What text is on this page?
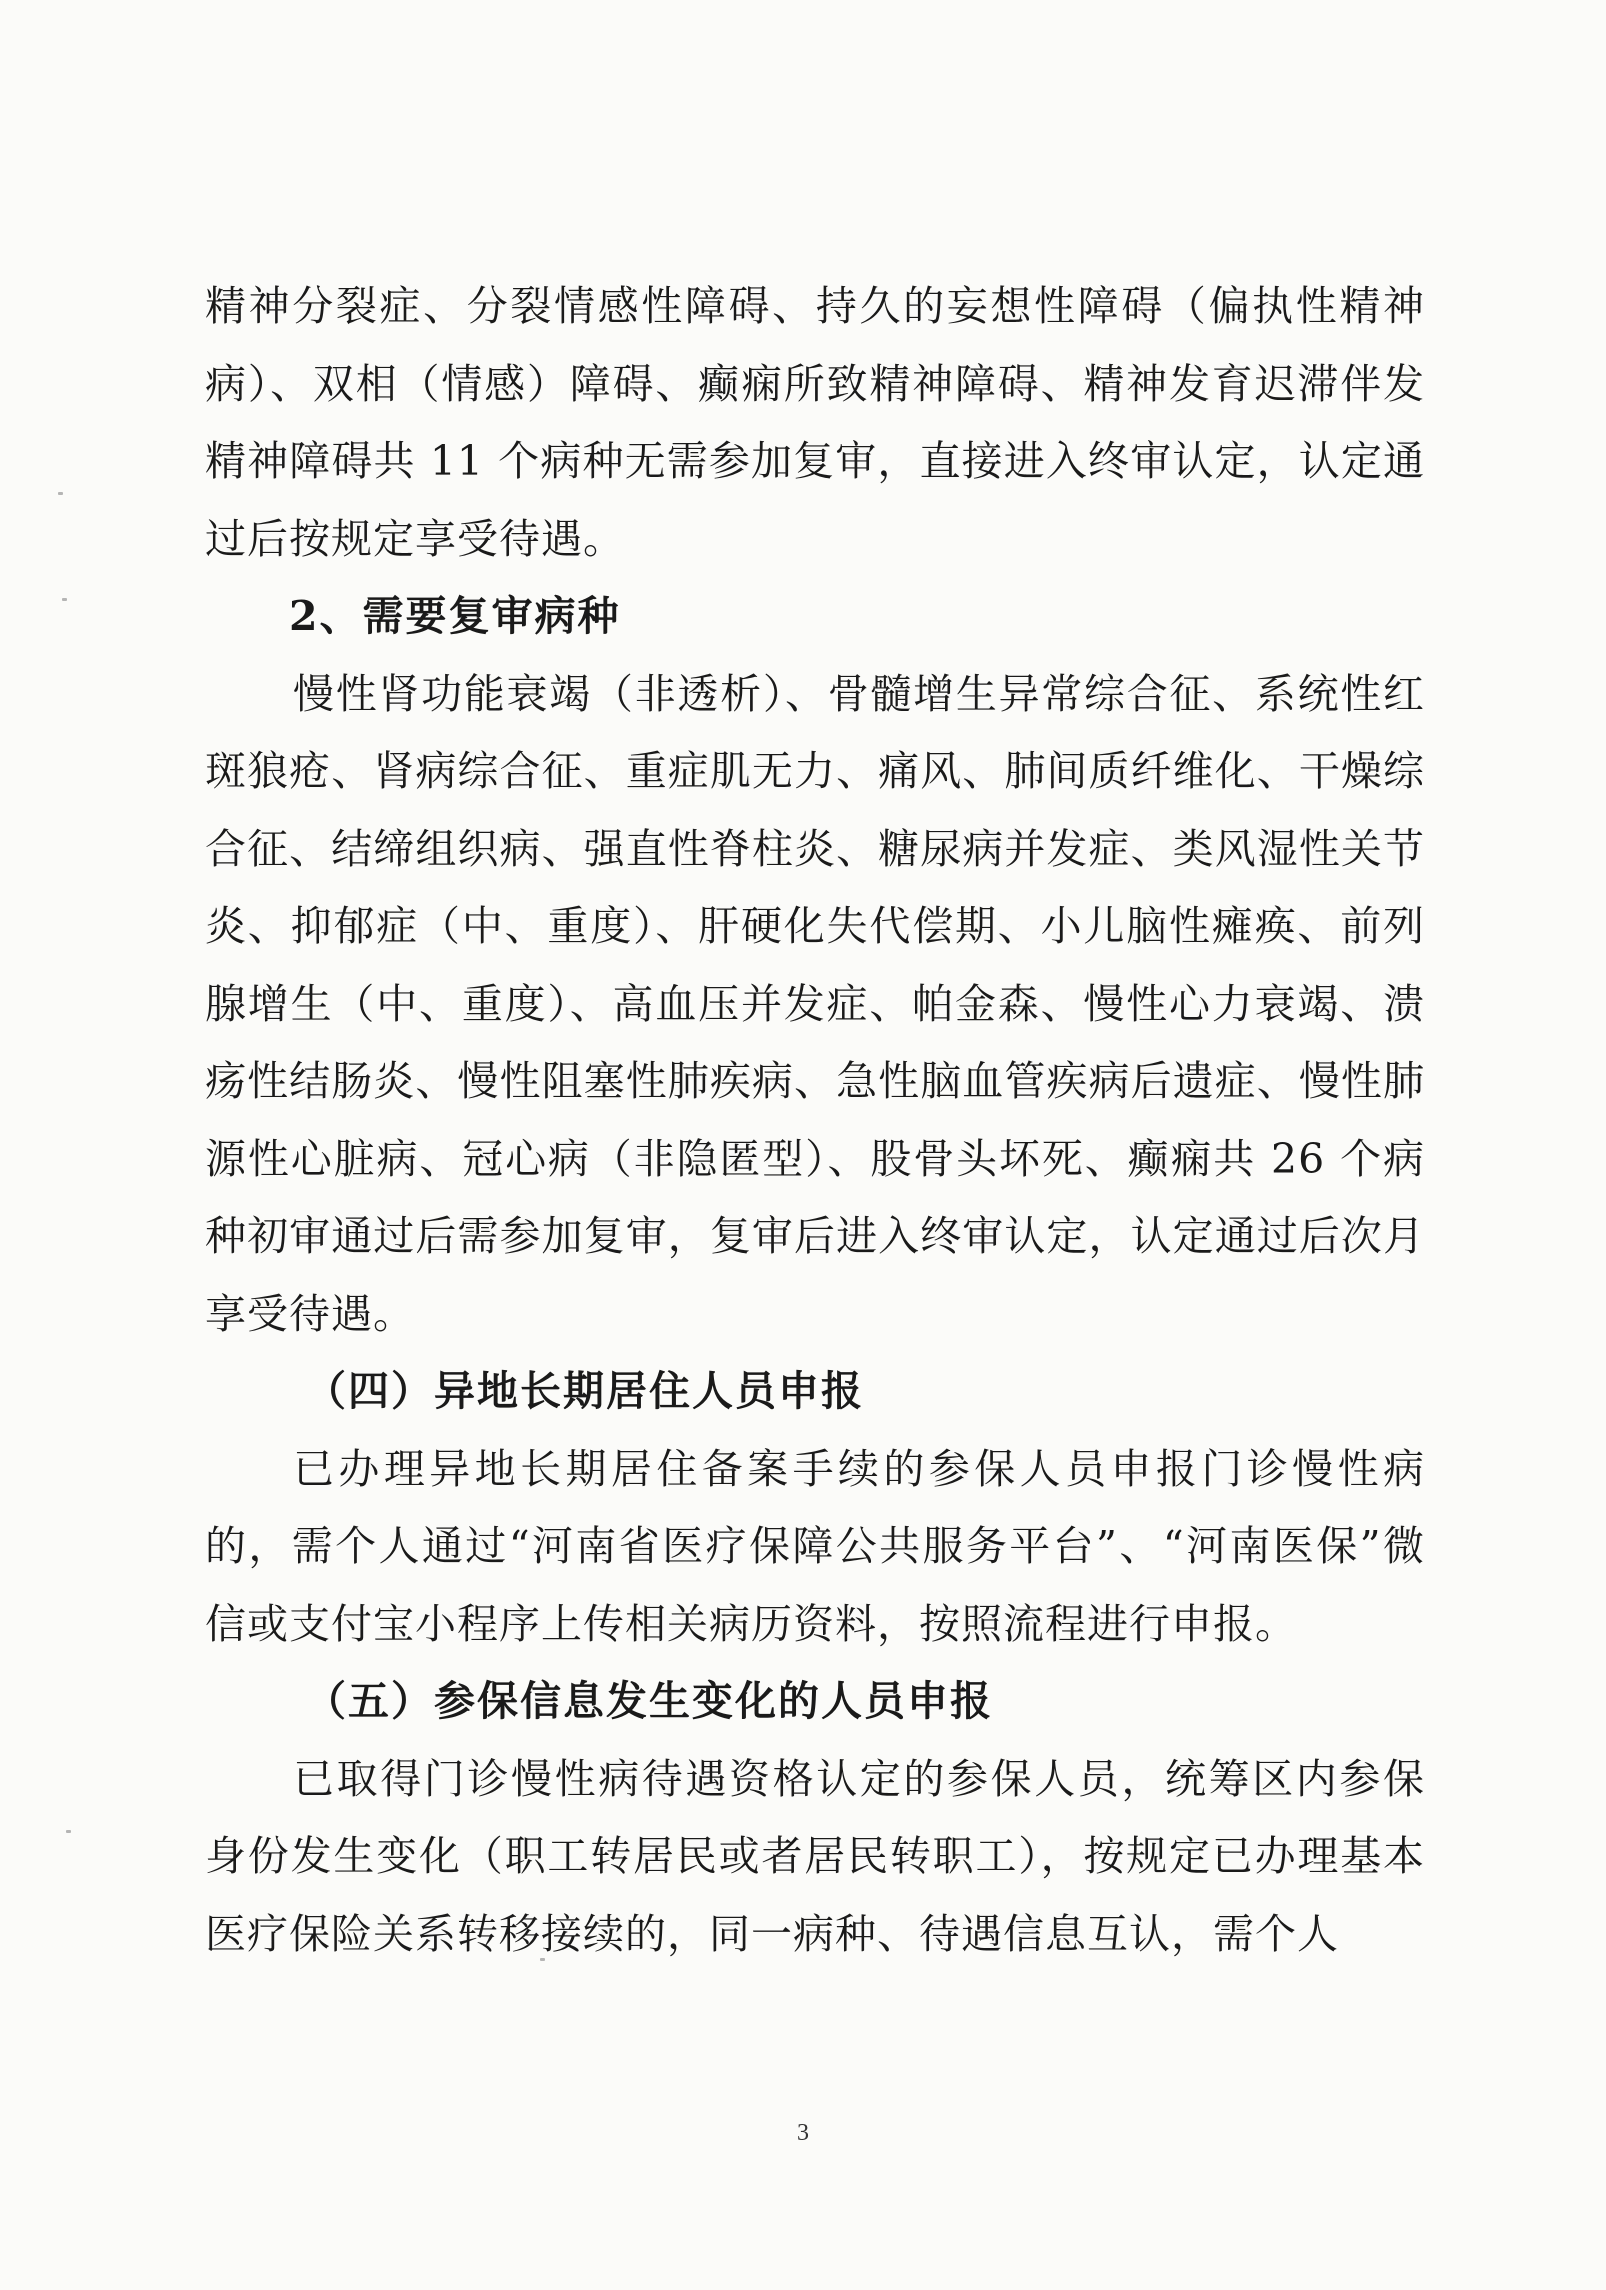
精神分裂症、分裂情感性障碍、持久的妄想性障碍（偏执性精神病）、双相（情感）障碍、癫痫所致精神障碍、精神发育迟滞伴发精神障碍共 11 个病种无需参加复审，直接进入终审认定，认定通过后按规定享受待遇。

2、需要复审病种

慢性肾功能衰竭（非透析）、骨髓增生异常综合征、系统性红斑狼疮、肾病综合征、重症肌无力、痛风、肺间质纤维化、干燥综合征、结缔组织病、强直性脊柱炎、糖尿病并发症、类风湿性关节炎、抑郁症（中、重度）、肝硬化失代偿期、小儿脑性瘫痪、前列腺增生（中、重度）、高血压并发症、帕金森、慢性心力衰竭、溃疡性结肠炎、慢性阻塞性肺疾病、急性脑血管疾病后遗症、慢性肺源性心脏病、冠心病（非隐匿型）、股骨头坏死、癫痫共 26 个病种初审通过后需参加复审，复审后进入终审认定，认定通过后次月享受待遇。

（四）异地长期居住人员申报

已办理异地长期居住备案手续的参保人员申报门诊慢性病的，需个人通过“河南省医疗保障公共服务平台”、“河南医保”微信或支付宝小程序上传相关病历资料，按照流程进行申报。

（五）参保信息发生变化的人员申报

已取得门诊慢性病待遇资格认定的参保人员，统筹区内参保身份发生变化（职工转居民或者居民转职工），按规定已办理基本医疗保险关系转移接续的，同一病种、待遇信息互认，需个人

3
